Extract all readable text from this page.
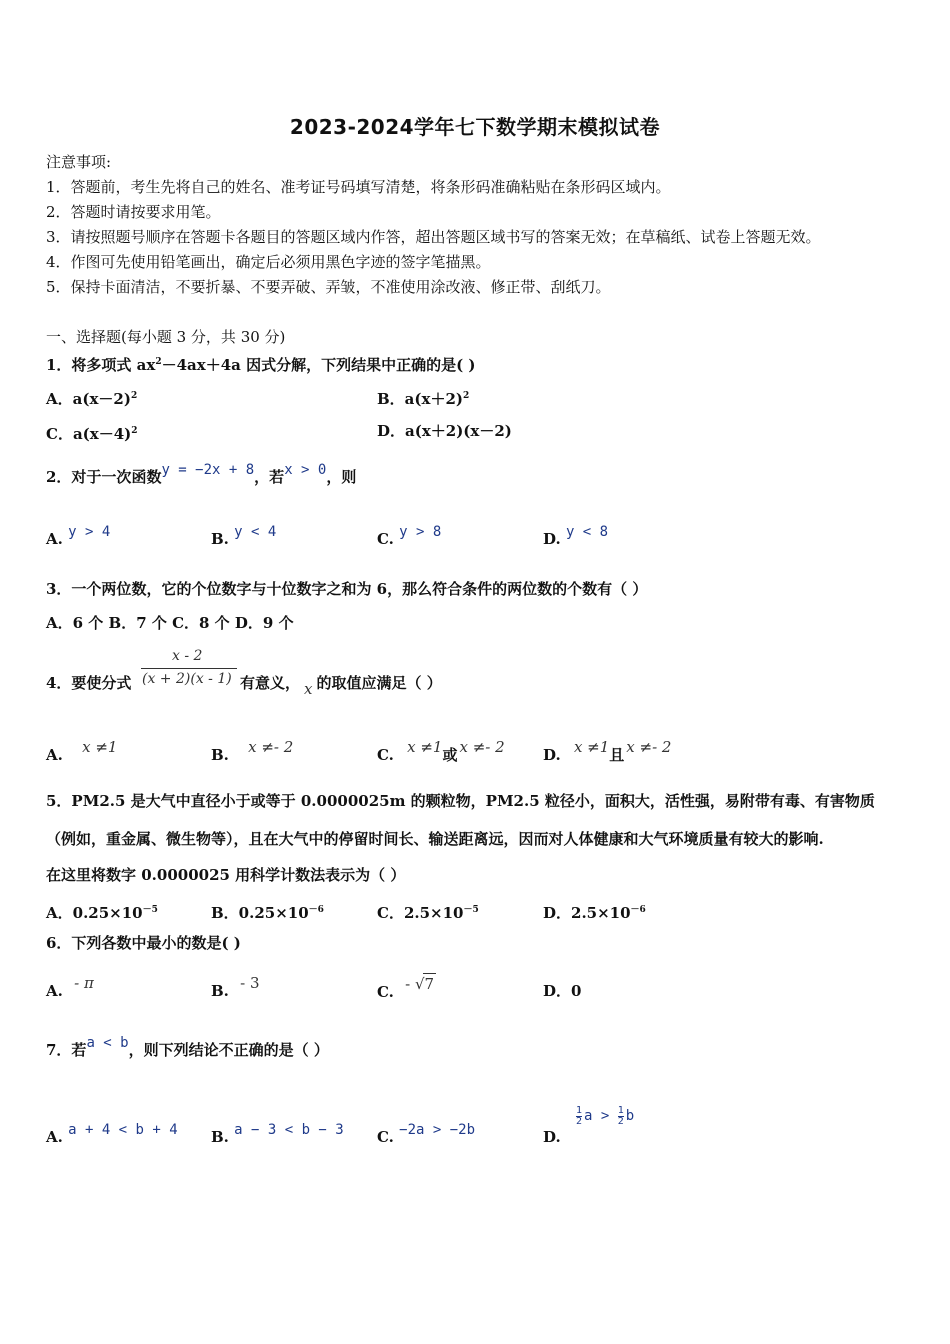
2023-2024学年七下数学期末模拟试卷
注意事项:
1．答题前，考生先将自己的姓名、准考证号码填写清楚，将条形码准确粘贴在条形码区域内。
2．答题时请按要求用笔。
3．请按照题号顺序在答题卡各题目的答题区域内作答，超出答题区域书写的答案无效；在草稿纸、试卷上答题无效。
4．作图可先使用铅笔画出，确定后必须用黑色字迹的签字笔描黑。
5．保持卡面清洁，不要折暴、不要弄破、弄皱，不准使用涂改液、修正带、刮纸刀。
一、选择题(每小题 3 分，共 30 分)
1．将多项式 $ax^2-4ax+4a$ 因式分解，下列结果中正确的是( )
A．$a(x-2)^2$	B．$a(x+2)^2$
C．$a(x-4)^2$	D．a(x＋2)(x－2)
2．对于一次函数y = −2x + 8，若x > 0，则
A. y > 4	B. y < 4	C. y > 8	D. y < 8
3．一个两位数，它的个位数字与十位数字之和为 6，那么符合条件的两位数的个数有（ ）
A．6 个 B．7 个 C．8 个 D．9 个
x - 2
(x + 2)(x - 1)
4．要使分式	有意义， x 的取值应满足（ ）
A. x ≠1	B. x ≠- 2	C. x ≠1或 x ≠- 2	D. x ≠1且 x ≠- 2
5．PM2.5 是大气中直径小于或等于 0.0000025m 的颗粒物，PM2.5 粒径小，面积大，活性强，易附带有毒、有害物质
（例如，重金属、微生物等），且在大气中的停留时间长、输送距离远，因而对人体健康和大气环境质量有较大的影响.
在这里将数字 0.0000025 用科学计数法表示为（ ）
A．$0.25\times 10^{-5}$	B．$0.25\times 10^{-6}$	C．$2.5\times 10^{-5}$	D．$2.5\times 10^{-6}$
6．下列各数中最小的数是( )
A. - π	B. - 3	C. - √7	D．0
7．若a < b，则下列结论不正确的是（ ）
A. a + 4 < b + 4 B. a − 3 < b − 3 C. −2a > −2b	D.
$\frac{1}{2}$ $a > \frac{1}{2}$ b
